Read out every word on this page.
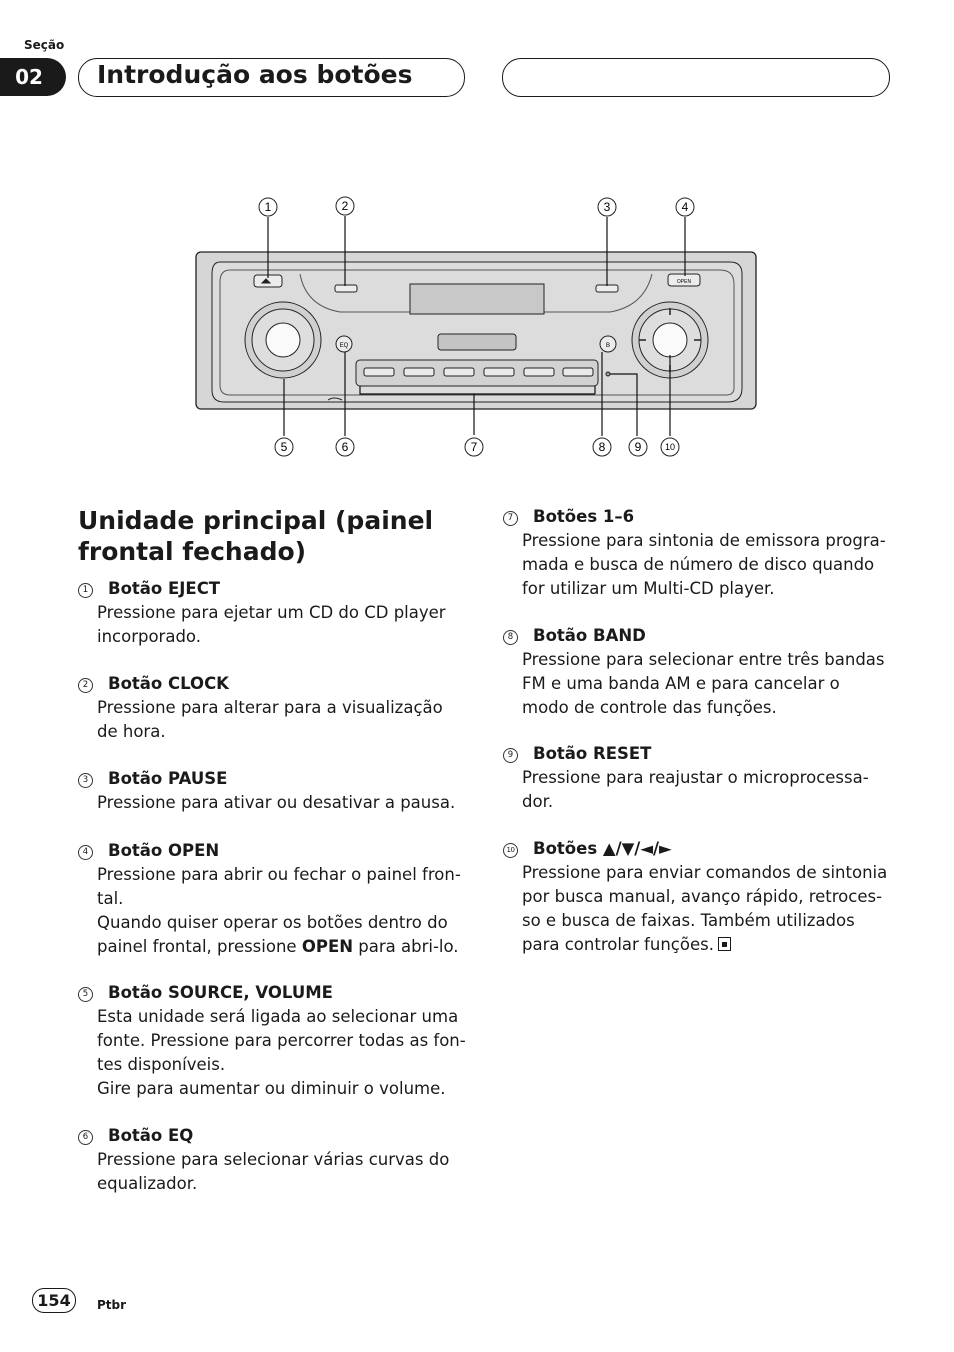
Seção
02 Introdução aos botões
EQ	B
OPEN
1	2	3	4
5	6	7	8 9	10
Unidade principal (painel frontal fechado)
1 Botão EJECT

Pressione para ejetar um CD do CD player

incorporado.

2 Botão CLOCK

Pressione para alterar para a visualização

de hora.

3 Botão PAUSE

Pressione para ativar ou desativar a pausa.

4 Botão OPEN

Pressione para abrir ou fechar o painel fron-

tal.

Quando quiser operar os botões dentro do

painel frontal, pressione OPEN para abri-lo.

5 Botão SOURCE, VOLUME

Esta unidade será ligada ao selecionar uma

fonte. Pressione para percorrer todas as fon-

tes disponíveis.

Gire para aumentar ou diminuir o volume.

6 Botão EQ

Pressione para selecionar várias curvas do

equalizador.

7 Botões 1–6

Pressione para sintonia de emissora progra-

mada e busca de número de disco quando

for utilizar um Multi-CD player.

8 Botão BAND

Pressione para selecionar entre três bandas

FM e uma banda AM e para cancelar o

modo de controle das funções.

9 Botão RESET

Pressione para reajustar o microprocessa-

dor.

10 Botões ▲/▼/◄/►

Pressione para enviar comandos de sintonia

por busca manual, avanço rápido, retroces-

so e busca de faixas. Também utilizados

para controlar funções.

154	Ptbr
